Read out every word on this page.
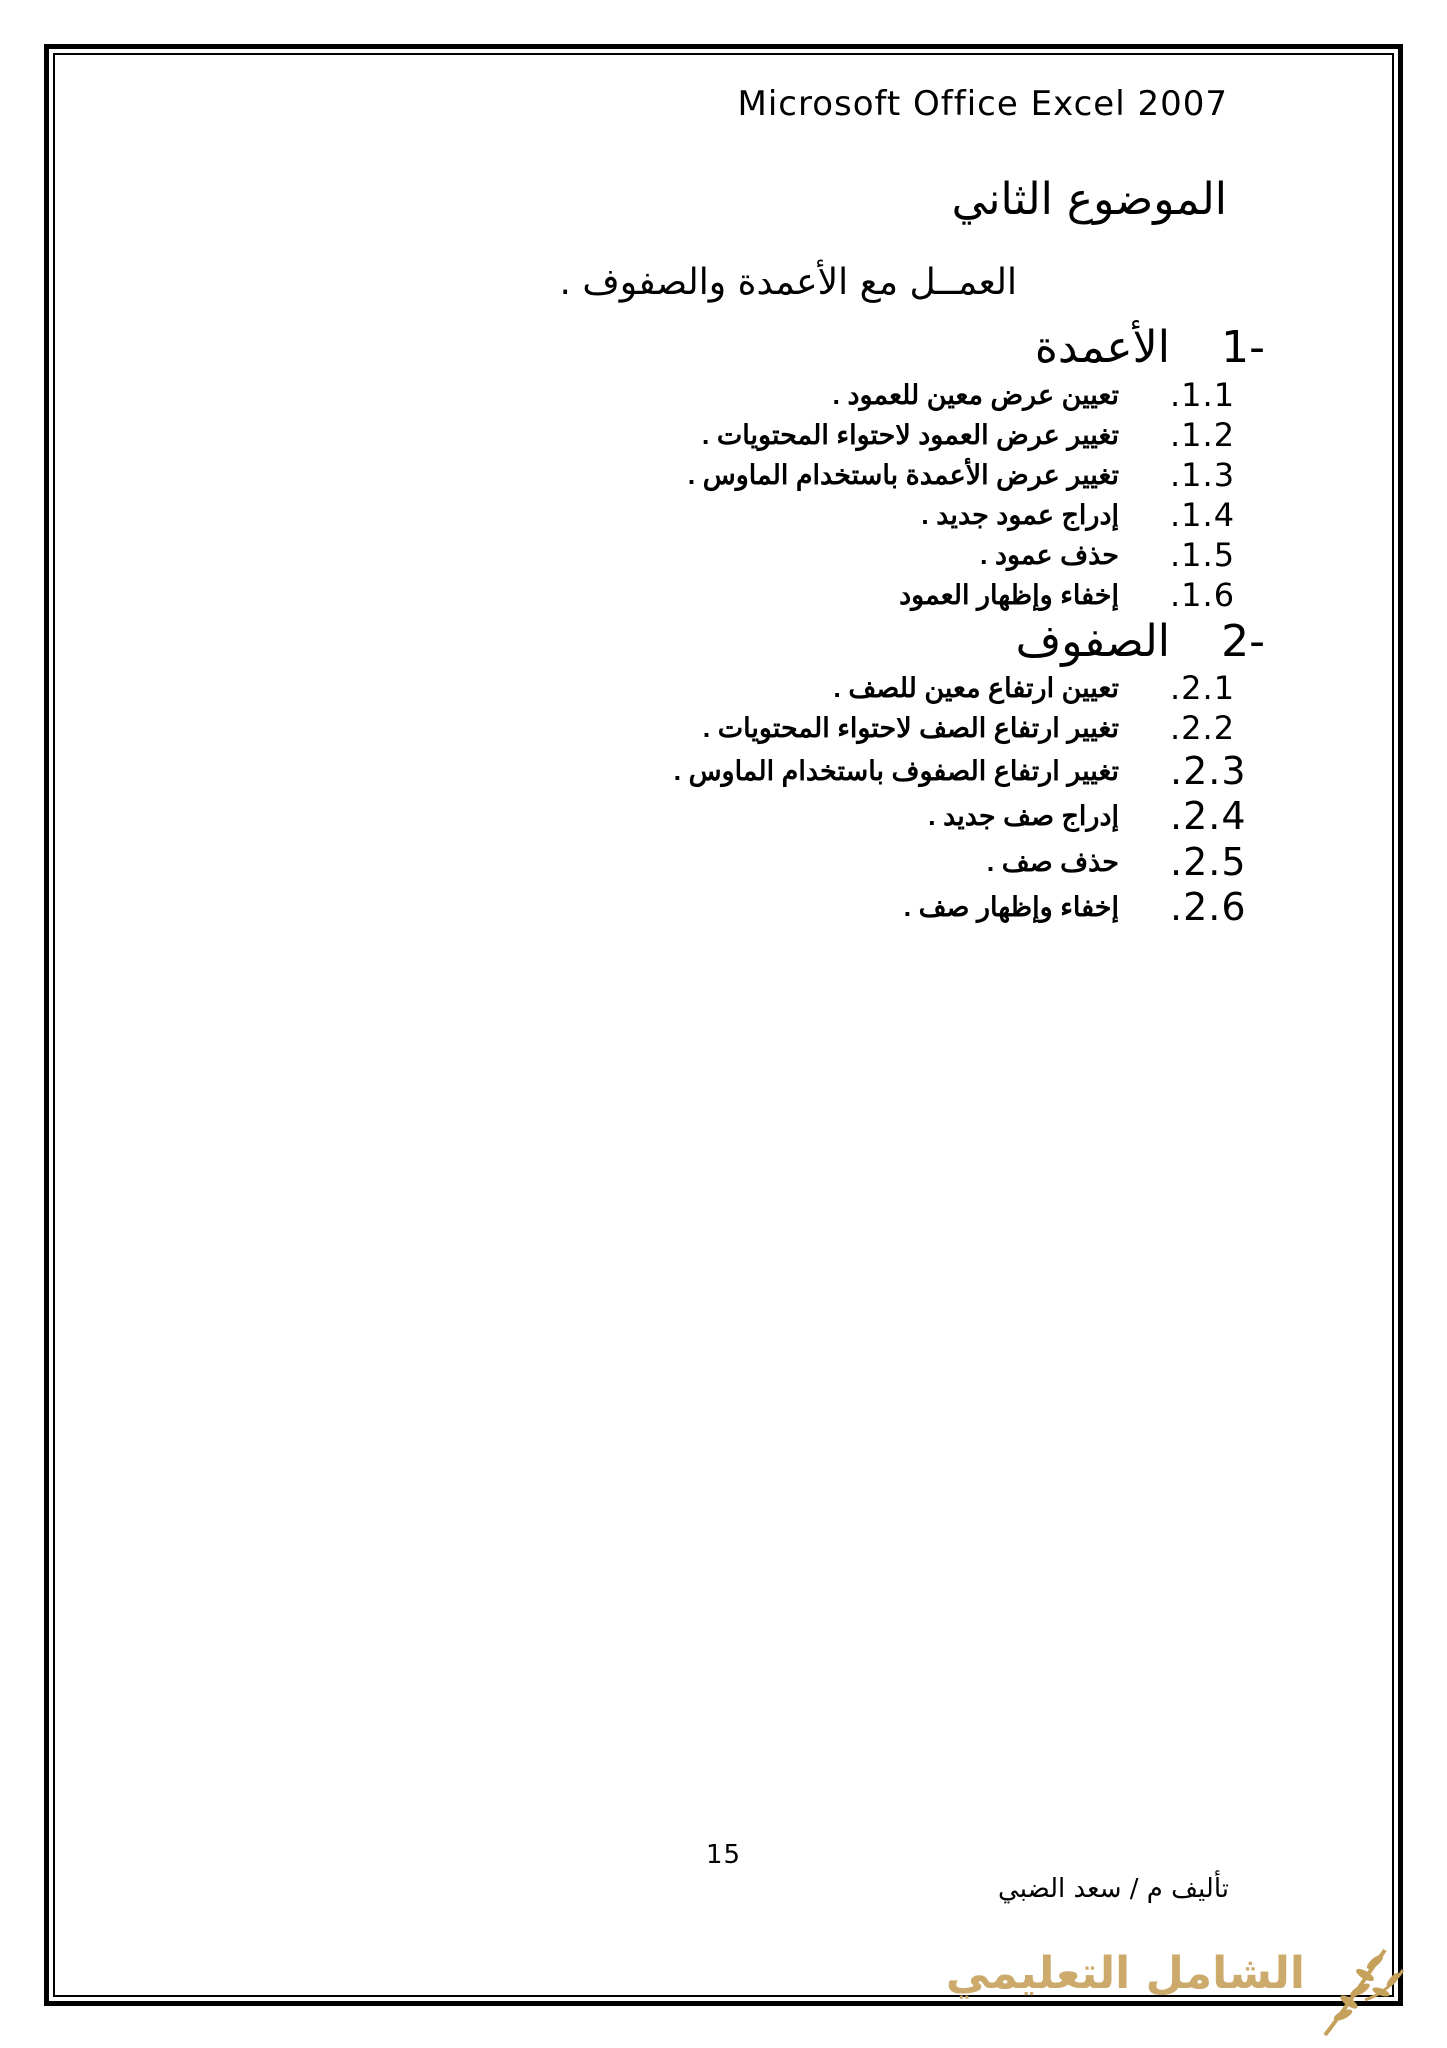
Microsoft Office Excel 2007
الموضوع الثاني
العمــل مع الأعمدة والصفوف .
1-
الأعمدة
.1.1
تعيين عرض معين للعمود .
.1.2
تغيير عرض العمود لاحتواء المحتويات .
.1.3
تغيير عرض الأعمدة باستخدام الماوس .
.1.4
إدراج عمود جديد .
.1.5
حذف عمود .
.1.6
إخفاء وإظهار العمود
2-
الصفوف
.2.1
تعيين ارتفاع معين للصف .
.2.2
تغيير ارتفاع الصف لاحتواء المحتويات .
.2.3
تغيير ارتفاع الصفوف باستخدام الماوس .
.2.4
إدراج صف جديد .
.2.5
حذف صف .
.2.6
إخفاء وإظهار صف .
15
تأليف م / سعد الضبي
الشامل التعليمي
